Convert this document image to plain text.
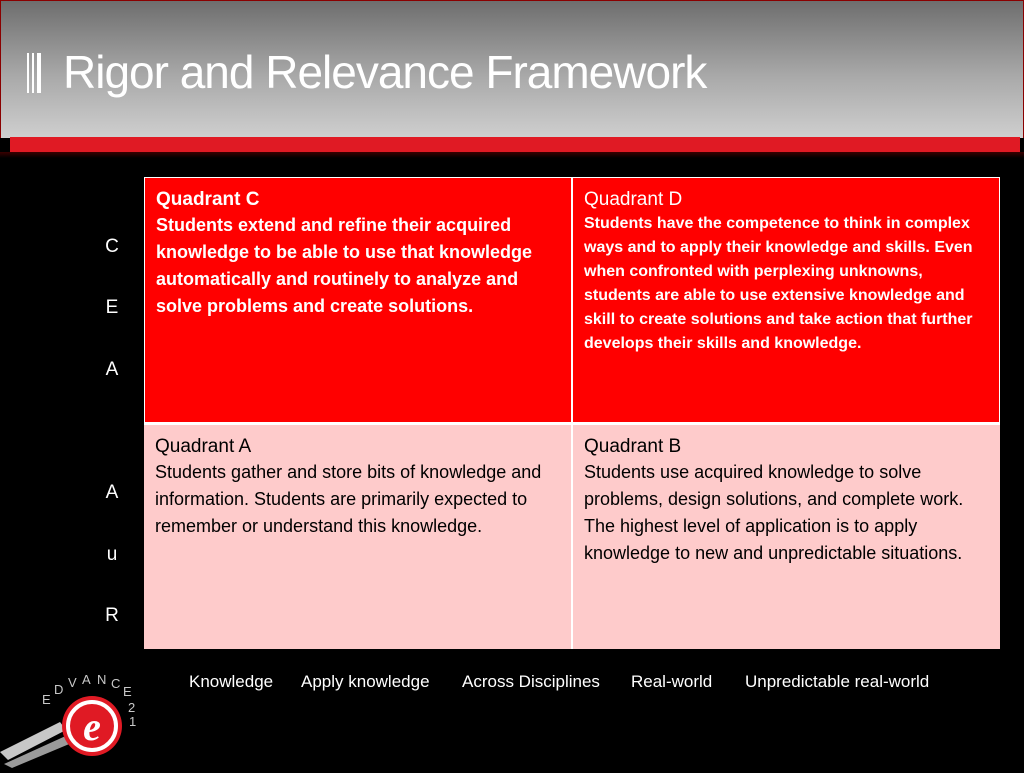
Rigor and Relevance Framework
C
E
A
A
u
R
Quadrant C
Students extend and refine their acquired knowledge to be able to use that knowledge automatically and routinely to analyze and solve problems and create solutions.
Quadrant D
Students have the competence to think in complex ways and to apply their knowledge and skills. Even when confronted with perplexing unknowns, students are able to use extensive knowledge and skill to create solutions and take action that further develops their skills and knowledge.
Quadrant A
Students gather and store bits of knowledge and information. Students are primarily expected to remember or understand this knowledge.
Quadrant B
Students use acquired knowledge to solve problems, design solutions, and complete work. The highest level of application is to apply knowledge to new and unpredictable situations.
Knowledge Apply knowledge Across Disciplines Real-world Unpredictable real-world
e
E D V A N C E 2 1
